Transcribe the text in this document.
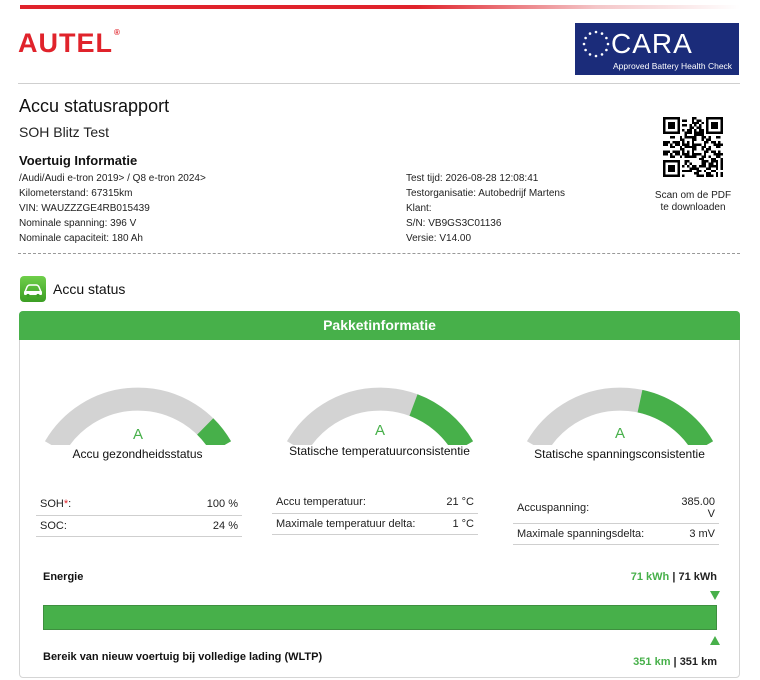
AUTEL®	CARA
Approved Battery Health Check
Accu statusrapport
SOH Blitz Test
Voertuig Informatie
/Audi/Audi e-tron 2019> / Q8 e-tron 2024>
Kilometerstand: 67315km
VIN: WAUZZZGE4RB015439
Nominale spanning: 396 V
Nominale capaciteit: 180 Ah
Test tijd: 2026-08-28 12:08:41
Testorganisatie: Autobedrijf Martens
Klant:
S/N: VB9GS3C01136
Versie: V14.00
Scan om de PDF
te downloaden
Accu status
Pakketinformatie
A
Accu gezondheidsstatus
A
Statische temperatuurconsistentie
A
Statische spanningsconsistentie
SOH*:	100 %
SOC:	24 %
Accu temperatuur:	21 °C
Maximale temperatuur delta:	1 °C
Accuspanning:	385.00
V

Maximale spanningsdelta:	3 mV
Energie	71 kWh | 71 kWh
Bereik van nieuw voertuig bij volledige lading (WLTP)	351 km | 351 km
